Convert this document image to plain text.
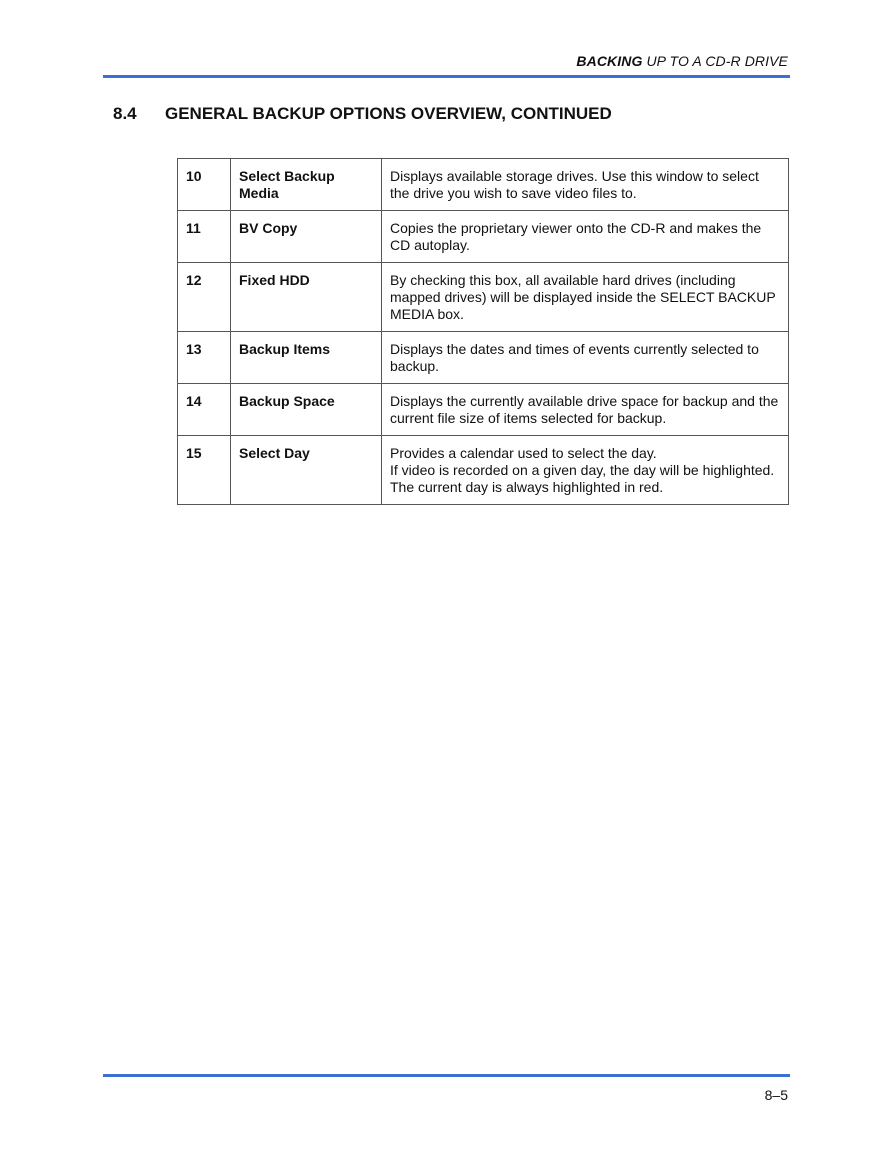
BACKING UP TO A CD-R DRIVE
8.4	GENERAL BACKUP OPTIONS OVERVIEW, CONTINUED
10	Select Backup Media	Displays available storage drives. Use this window to select the drive you wish to save video files to.

11	BV Copy	Copies the proprietary viewer onto the CD-R and makes the CD autoplay.

12	Fixed HDD	By checking this box, all available hard drives (including mapped drives) will be displayed inside the SELECT BACKUP MEDIA box.

13	Backup Items	Displays the dates and times of events currently selected to backup.

14	Backup Space	Displays the currently available drive space for backup and the current file size of items selected for backup.

15	Select Day	Provides a calendar used to select the day.
If video is recorded on a given day, the day will be highlighted. The current day is always highlighted in red.
8–5
